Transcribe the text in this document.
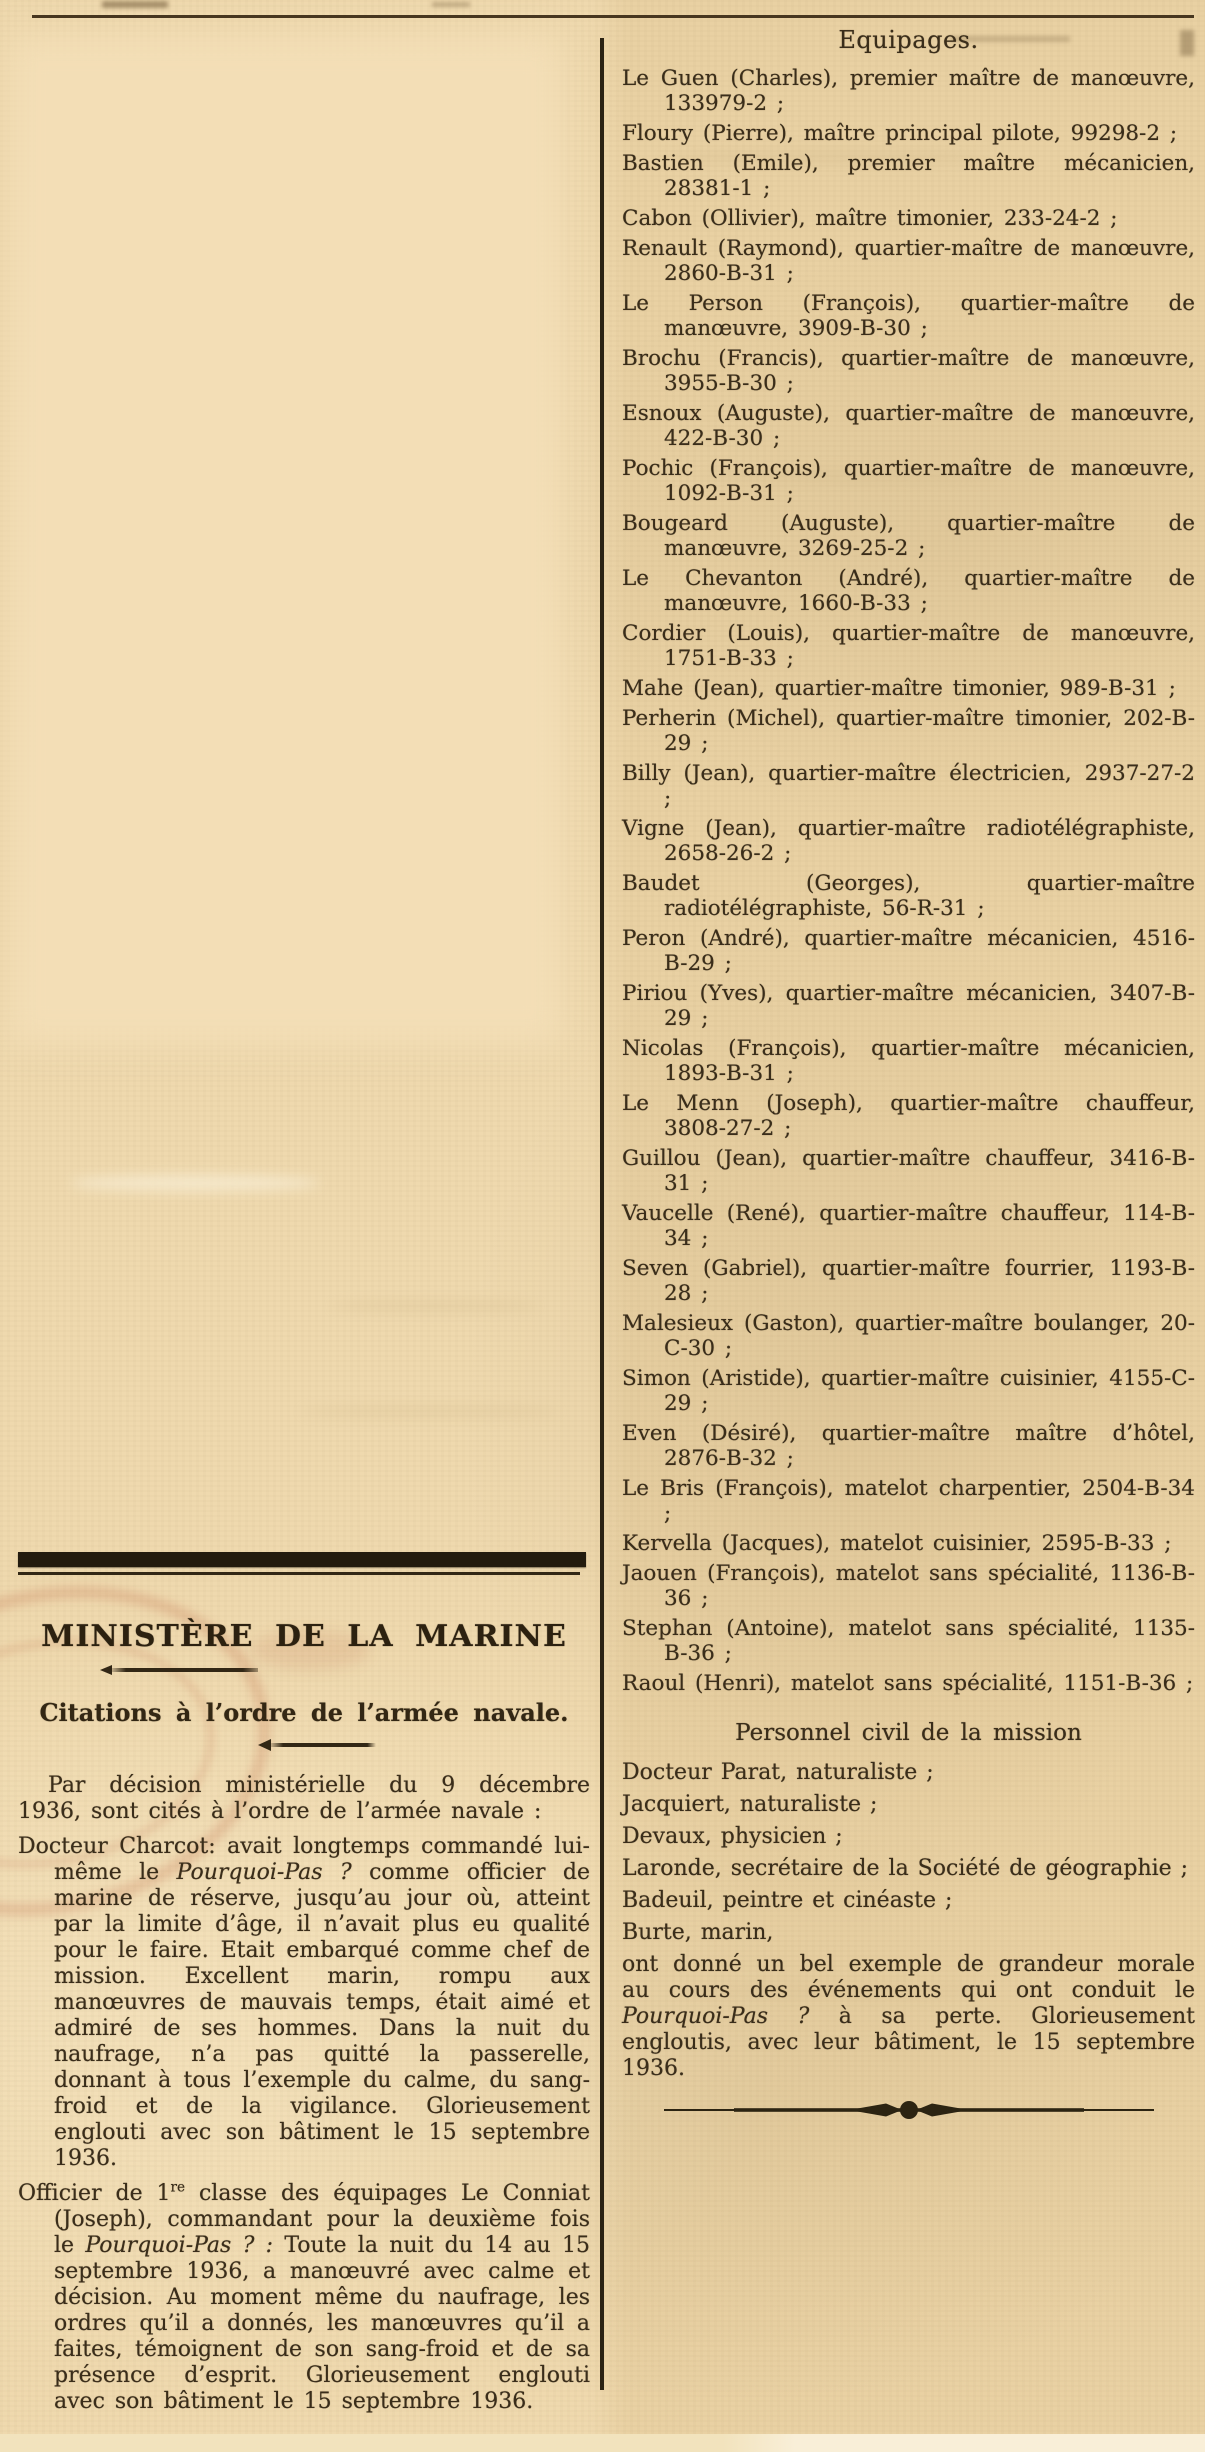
MINISTÈRE DE LA MARINE
Citations à l’ordre de l’armée navale.

Par décision ministérielle du 9 décembre 1936, sont cités à l’ordre de l’armée navale :

Docteur Charcot: avait longtemps commandé lui-même le Pourquoi-Pas ? comme officier de marine de réserve, jusqu’au jour où, atteint par la limite d’âge, il n’avait plus eu qualité pour le faire. Etait embarqué comme chef de mission. Excellent marin, rompu aux manœuvres de mauvais temps, était aimé et admiré de ses hommes. Dans la nuit du naufrage, n’a pas quitté la passerelle, donnant à tous l’exemple du calme, du sang-froid et de la vigilance. Glorieusement englouti avec son bâtiment le 15 septembre 1936.

Officier de 1re classe des équipages Le Conniat (Joseph), commandant pour la deuxième fois le Pourquoi-Pas ? : Toute la nuit du 14 au 15 septembre 1936, a manœuvré avec calme et décision. Au moment même du naufrage, les ordres qu’il a donnés, les manœuvres qu’il a faites, témoignent de son sang-froid et de sa présence d’esprit. Glorieusement englouti avec son bâtiment le 15 septembre 1936.

Equipages.
Le Guen (Charles), premier maître de manœuvre, 133979-2 ;
Floury (Pierre), maître principal pilote, 99298-2 ;
Bastien (Emile), premier maître mécanicien, 28381-1 ;
Cabon (Ollivier), maître timonier, 233-24-2 ;
Renault (Raymond), quartier-maître de manœuvre, 2860-B-31 ;
Le Person (François), quartier-maître de manœuvre, 3909-B-30 ;
Brochu (Francis), quartier-maître de manœuvre, 3955-B-30 ;
Esnoux (Auguste), quartier-maître de manœuvre, 422-B-30 ;
Pochic (François), quartier-maître de manœuvre, 1092-B-31 ;
Bougeard (Auguste), quartier-maître de manœuvre, 3269-25-2 ;
Le Chevanton (André), quartier-maître de manœuvre, 1660-B-33 ;
Cordier (Louis), quartier-maître de manœuvre, 1751-B-33 ;
Mahe (Jean), quartier-maître timonier, 989-B-31 ;
Perherin (Michel), quartier-maître timonier, 202-B-29 ;
Billy (Jean), quartier-maître électricien, 2937-27-2 ;
Vigne (Jean), quartier-maître radiotélégraphiste, 2658-26-2 ;
Baudet (Georges), quartier-maître radiotélégraphiste, 56-R-31 ;
Peron (André), quartier-maître mécanicien, 4516-B-29 ;
Piriou (Yves), quartier-maître mécanicien, 3407-B-29 ;
Nicolas (François), quartier-maître mécanicien, 1893-B-31 ;
Le Menn (Joseph), quartier-maître chauffeur, 3808-27-2 ;
Guillou (Jean), quartier-maître chauffeur, 3416-B-31 ;
Vaucelle (René), quartier-maître chauffeur, 114-B-34 ;
Seven (Gabriel), quartier-maître fourrier, 1193-B-28 ;
Malesieux (Gaston), quartier-maître boulanger, 20-C-30 ;
Simon (Aristide), quartier-maître cuisinier, 4155-C-29 ;
Even (Désiré), quartier-maître maître d’hôtel, 2876-B-32 ;
Le Bris (François), matelot charpentier, 2504-B-34 ;
Kervella (Jacques), matelot cuisinier, 2595-B-33 ;
Jaouen (François), matelot sans spécialité, 1136-B-36 ;
Stephan (Antoine), matelot sans spécialité, 1135-B-36 ;
Raoul (Henri), matelot sans spécialité, 1151-B-36 ;
Personnel civil de la mission
Docteur Parat, naturaliste ;
Jacquiert, naturaliste ;
Devaux, physicien ;
Laronde, secrétaire de la Société de géographie ;
Badeuil, peintre et cinéaste ;
Burte, marin,

ont donné un bel exemple de grandeur morale au cours des événements qui ont conduit le Pourquoi-Pas ? à sa perte. Glorieusement engloutis, avec leur bâtiment, le 15 septembre 1936.
